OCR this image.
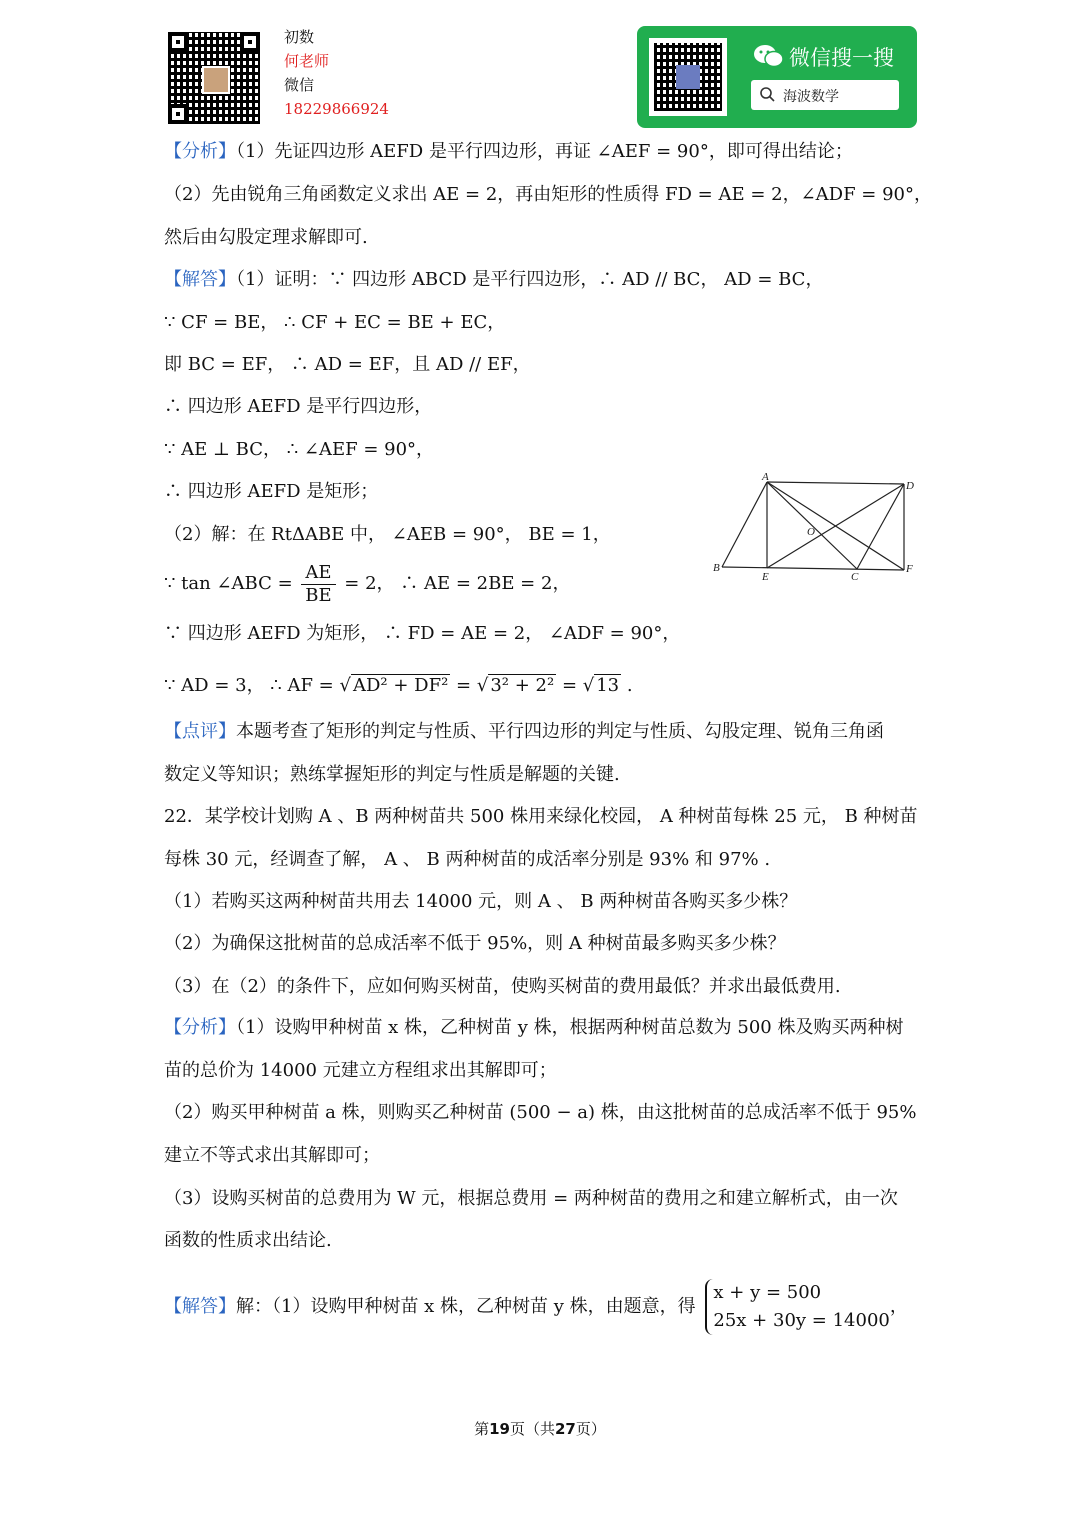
初数
何老师
微信
18229866924
微信搜一搜
海波数学
【分析】（1）先证四边形 AEFD 是平行四边形，再证 ∠AEF = 90°，即可得出结论；
（2）先由锐角三角函数定义求出 AE = 2，再由矩形的性质得 FD = AE = 2，∠ADF = 90°，
然后由勾股定理求解即可.
【解答】（1）证明：∵ 四边形 ABCD 是平行四边形，∴ AD // BC， AD = BC，
∵ CF = BE， ∴ CF + EC = BE + EC，
即 BC = EF， ∴ AD = EF，且 AD // EF，
∴ 四边形 AEFD 是平行四边形，
∵ AE ⊥ BC， ∴ ∠AEF = 90°，
∴ 四边形 AEFD 是矩形；
（2）解：在 RtΔABE 中， ∠AEB = 90°， BE = 1，
∵ tan ∠ABC = $\frac{AE}{BE} = 2$， ∴ AE = 2BE = 2，
∵ 四边形 AEFD 为矩形， ∴ FD = AE = 2， ∠ADF = 90°，
∵ AD = 3， ∴ AF = √ AD² + DF² = √ 3² + 2² = √ 13 .
【点评】本题考查了矩形的判定与性质、平行四边形的判定与性质、勾股定理、锐角三角函
数定义等知识；熟练掌握矩形的判定与性质是解题的关键.
22．某学校计划购 A 、B 两种树苗共 500 株用来绿化校园， A 种树苗每株 25 元， B 种树苗
每株 30 元，经调查了解， A 、 B 两种树苗的成活率分别是 93% 和 97% .
（1）若购买这两种树苗共用去 14000 元，则 A 、 B 两种树苗各购买多少株？
（2）为确保这批树苗的总成活率不低于 95%，则 A 种树苗最多购买多少株？
（3）在（2）的条件下，应如何购买树苗，使购买树苗的费用最低？并求出最低费用.
【分析】（1）设购甲种树苗 x 株，乙种树苗 y 株，根据两种树苗总数为 500 株及购买两种树
苗的总价为 14000 元建立方程组求出其解即可；
（2）购买甲种树苗 a 株，则购买乙种树苗 (500 − a) 株，由这批树苗的总成活率不低于 95%
建立不等式求出其解即可；
（3）设购买树苗的总费用为 W 元，根据总费用 = 两种树苗的费用之和建立解析式，由一次
函数的性质求出结论.
【解答】解：（1）设购甲种树苗 x 株，乙种树苗 y 株，由题意，得
x + y = 500
25x + 30y = 14000
，
A
D
O
B
E	C
F
第19页（共27页）
